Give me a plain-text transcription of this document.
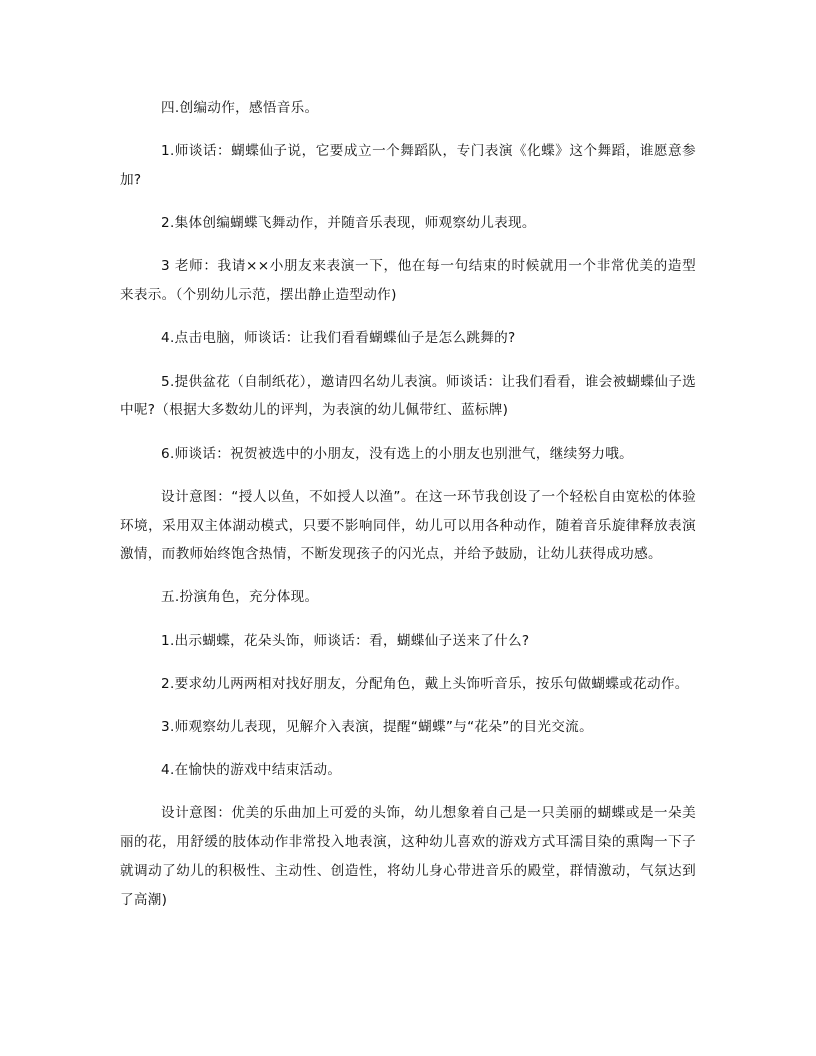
四.创编动作，感悟音乐。

1.师谈话：蝴蝶仙子说，它要成立一个舞蹈队，专门表演《化蝶》这个舞蹈，谁愿意参加?

2.集体创编蝴蝶飞舞动作，并随音乐表现，师观察幼儿表现。

3 老师：我请××小朋友来表演一下，他在每一句结束的时候就用一个非常优美的造型来表示。（个别幼儿示范，摆出静止造型动作)

4.点击电脑，师谈话：让我们看看蝴蝶仙子是怎么跳舞的?

5.提供盆花（自制纸花），邀请四名幼儿表演。师谈话：让我们看看，谁会被蝴蝶仙子选中呢?（根据大多数幼儿的评判，为表演的幼儿佩带红、蓝标牌)

6.师谈话：祝贺被选中的小朋友，没有选上的小朋友也别泄气，继续努力哦。

设计意图：“授人以鱼，不如授人以渔”。在这一环节我创设了一个轻松自由宽松的体验环境，采用双主体湖动模式，只要不影响同伴，幼儿可以用各种动作，随着音乐旋律释放表演激情，而教师始终饱含热情，不断发现孩子的闪光点，并给予鼓励，让幼儿获得成功感。

五.扮演角色，充分体现。

1.出示蝴蝶，花朵头饰，师谈话：看，蝴蝶仙子送来了什么?

2.要求幼儿两两相对找好朋友，分配角色，戴上头饰听音乐，按乐句做蝴蝶或花动作。

3.师观察幼儿表现，见解介入表演，提醒“蝴蝶”与“花朵”的目光交流。

4.在愉快的游戏中结束活动。

设计意图：优美的乐曲加上可爱的头饰，幼儿想象着自己是一只美丽的蝴蝶或是一朵美丽的花，用舒缓的肢体动作非常投入地表演，这种幼儿喜欢的游戏方式耳濡目染的熏陶一下子就调动了幼儿的积极性、主动性、创造性，将幼儿身心带进音乐的殿堂，群情激动，气氛达到了高潮)
